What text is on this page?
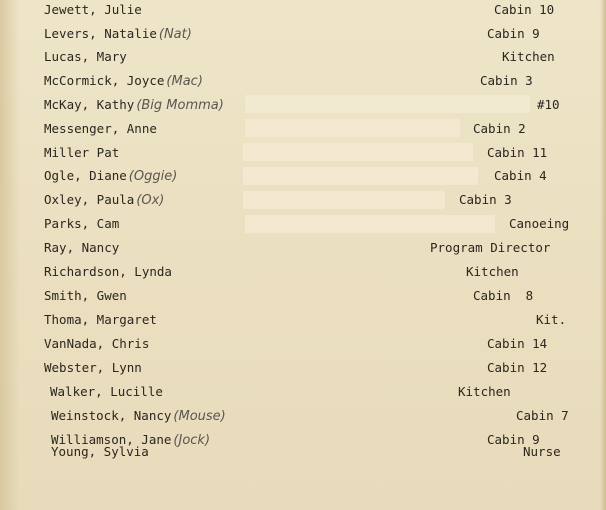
Jewett, Julie	Cabin 10
Levers, Natalie (Nat)	Cabin 9
Lucas, Mary	Kitchen
McCormick, Joyce (Mac)	Cabin 3
McKay, Kathy (Big Momma)	#10
Messenger, Anne	Cabin 2
Miller Pat	Cabin 11
Ogle, Diane (Oggie)	Cabin 4
Oxley, Paula (Ox)	Cabin 3
Parks, Cam	Canoeing
Ray, Nancy	Program Director
Richardson, Lynda	Kitchen
Smith, Gwen	Cabin  8
Thoma, Margaret	Kit.
VanNada, Chris	Cabin 14
Webster, Lynn	Cabin 12
Walker, Lucille	Kitchen
Weinstock, Nancy (Mouse)	Cabin 7
Williamson, Jane (Jock)	Cabin 9
Young, Sylvia	Nurse
